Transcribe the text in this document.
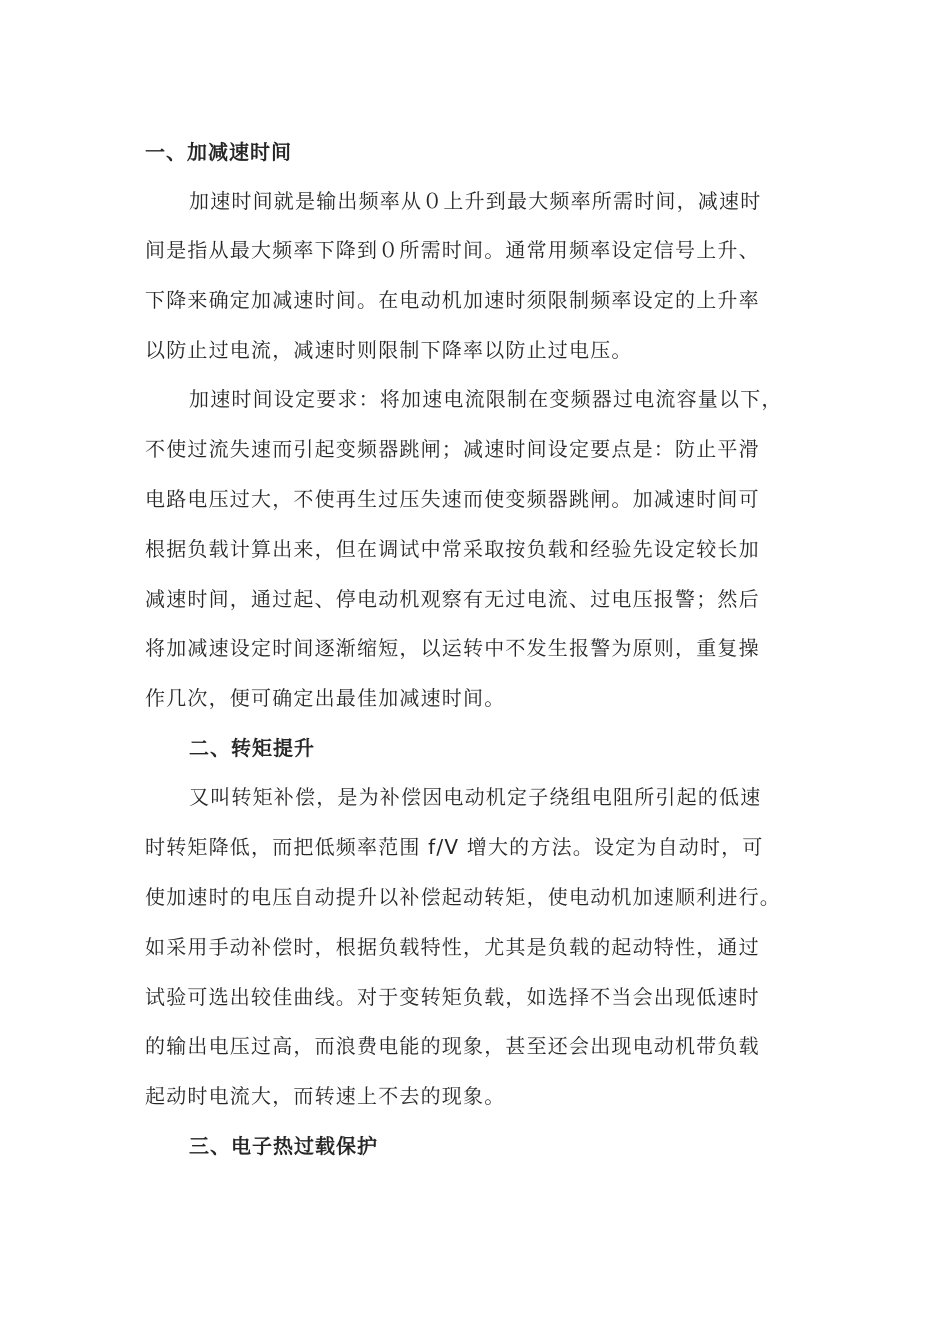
一、加减速时间
加速时间就是输出频率从０上升到最大频率所需时间，减速时
间是指从最大频率下降到０所需时间。通常用频率设定信号上升、
下降来确定加减速时间。在电动机加速时须限制频率设定的上升率
以防止过电流，减速时则限制下降率以防止过电压。
加速时间设定要求：将加速电流限制在变频器过电流容量以下，
不使过流失速而引起变频器跳闸；减速时间设定要点是：防止平滑
电路电压过大，不使再生过压失速而使变频器跳闸。加减速时间可
根据负载计算出来，但在调试中常采取按负载和经验先设定较长加
减速时间，通过起、停电动机观察有无过电流、过电压报警；然后
将加减速设定时间逐渐缩短，以运转中不发生报警为原则，重复操
作几次，便可确定出最佳加减速时间。
二、转矩提升
又叫转矩补偿，是为补偿因电动机定子绕组电阻所引起的低速
时转矩降低，而把低频率范围 f/V 增大的方法。设定为自动时，可
使加速时的电压自动提升以补偿起动转矩，使电动机加速顺利进行。
如采用手动补偿时，根据负载特性，尤其是负载的起动特性，通过
试验可选出较佳曲线。对于变转矩负载，如选择不当会出现低速时
的输出电压过高，而浪费电能的现象，甚至还会出现电动机带负载
起动时电流大，而转速上不去的现象。
三、电子热过载保护
